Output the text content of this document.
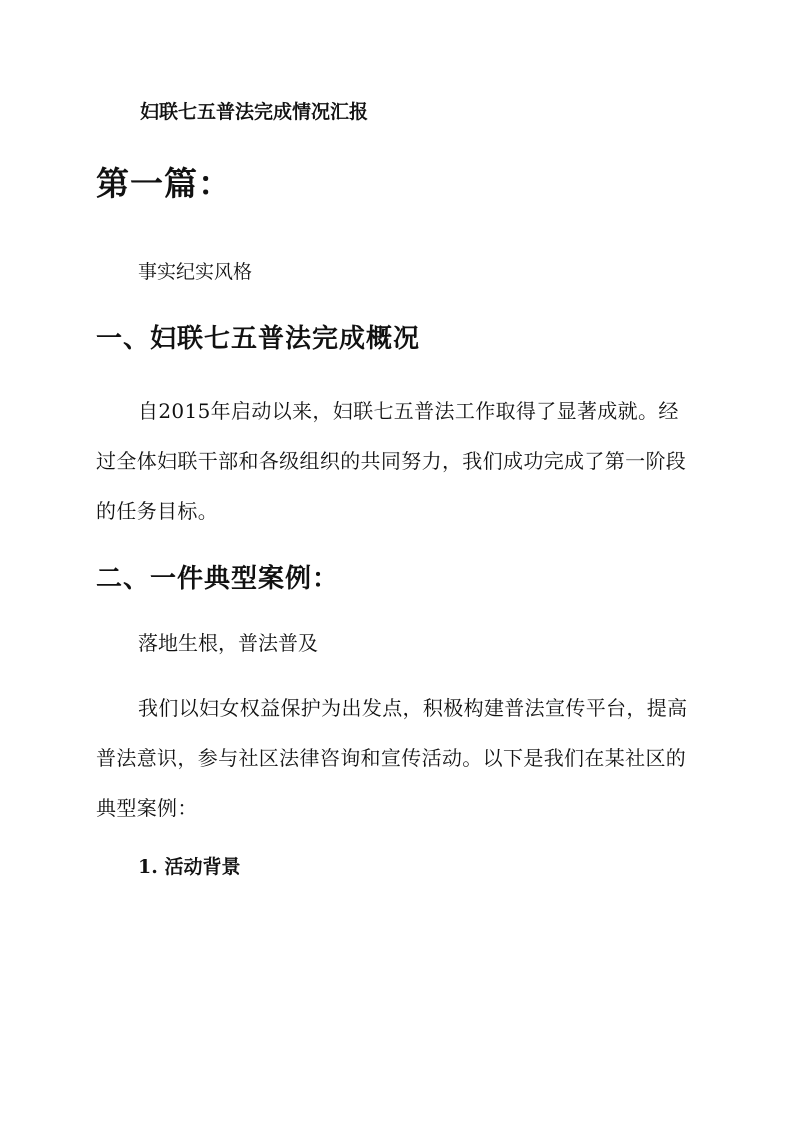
妇联七五普法完成情况汇报

第一篇：

事实纪实风格

一、妇联七五普法完成概况

自2015年启动以来，妇联七五普法工作取得了显著成就。经

过全体妇联干部和各级组织的共同努力，我们成功完成了第一阶段

的任务目标。

二、一件典型案例：

落地生根，普法普及

我们以妇女权益保护为出发点，积极构建普法宣传平台，提高

普法意识，参与社区法律咨询和宣传活动。以下是我们在某社区的

典型案例：

1. 活动背景
